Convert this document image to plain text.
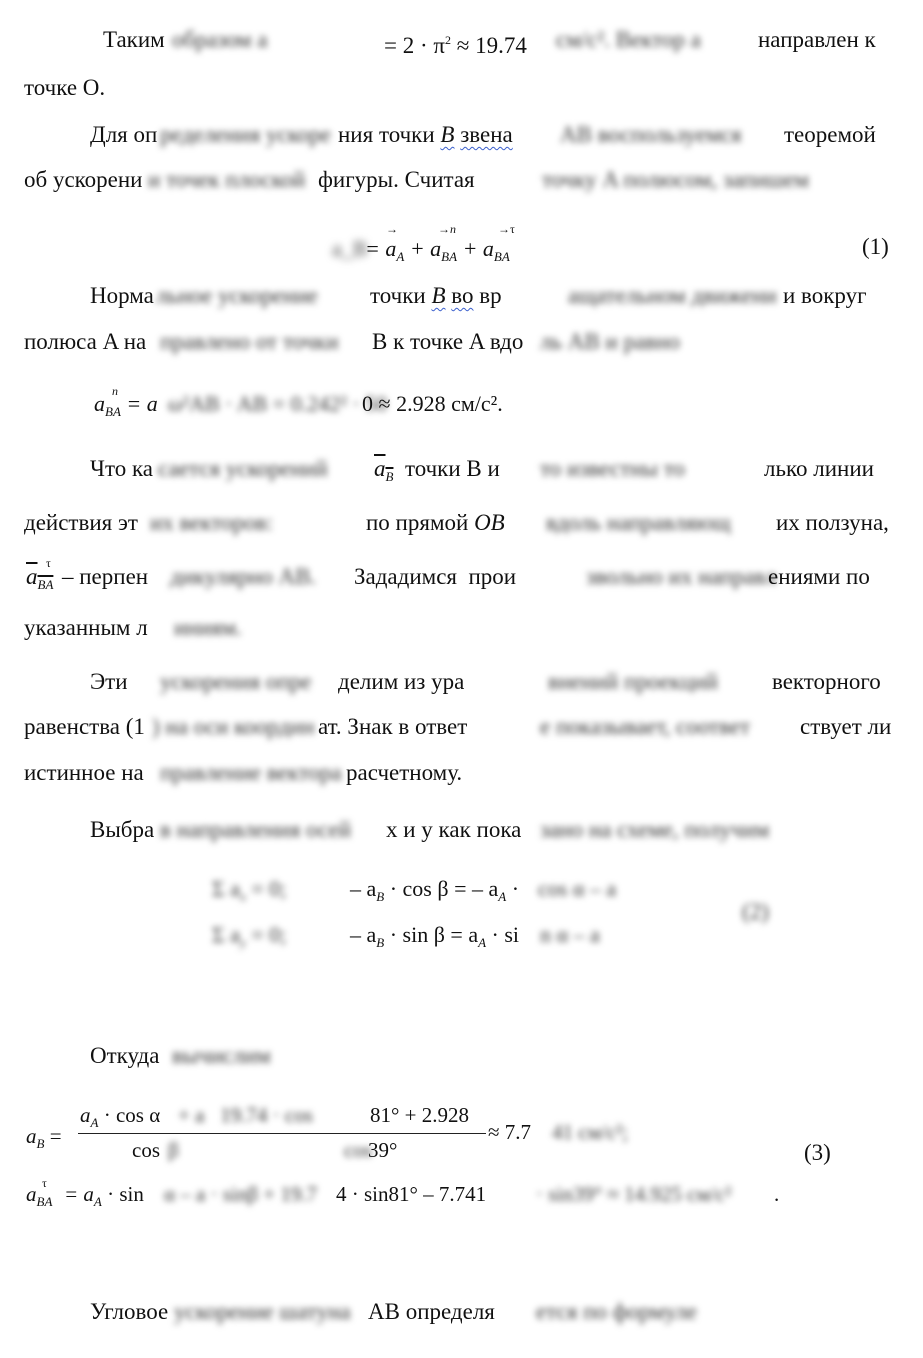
Таким образом a	= $2 \cdot \pi^2 \approx 19.74$ см/с². Вектор a направлен к
точке O.
Для оп ределения ускоре ния точки B звена AB воспользуемся теоремой
об ускорени и точек плоской фигуры. Считая	точку A полюсом, запишем
a_B
= $a_A + a_{BA} + a_{BA}$
→	→n	→τ
(1)
Норма льное ускорение точки B во вр	ащательном движени и вокруг
полюса A на правлено от точки B к точке A вдо ль AB и равно
$a_{BA} = a$
n ω²AB · AB = 0.242² · 50
0 ≈ 2.928 см/с².
Что ка сается ускорений $a_B$ точки B и то известны то	лько линии
действия эт их векторов:	по прямой OB вдоль направляющ их ползуна,
$a_{BA}$
τ
– перпен дикулярно AB. Зададимся прои	звольно их направл
ениями по
указанным л иниям.
Эти ускорения опре делим из ура	внений проекций векторного
равенства (1 ) на оси координ ат. Знак в ответ	е показывает, соответ ствует ли
истинное на правление вектора расчетному.
Выбра в направления осей x и y как пока зано на схеме, получим
Σ $a_x = 0$;	– $a_B \cdot \cos \beta$ = – $a_A \cdot \cos \alpha - a$
Σ $a_y = 0$;	– $a_B \cdot \sin \beta = a_A$ · si n α – a
(2)
Откуда вычислим
$a_B$ =
$a_A \cdot \cos \alpha + a$ 19.74 · cos	81° + 2.928
cos β	cos
39°
≈ 7.7 41 см/с²;
(3)
$a_{BA}$
$\tau = a_A \cdot \sin \alpha - a \cdot \sin\beta + 19.7$ 4 · sin81° – 7.741 · sin39° ≈ 14.925 см/с² .
Угловое ускорение шатуна AB определя ется по формуле
